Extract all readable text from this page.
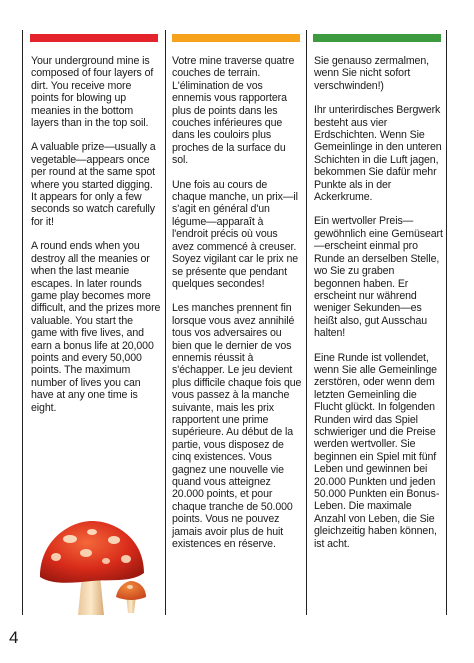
Your underground mine is composed of four layers of dirt. You receive more points for blowing up meanies in the bottom layers than in the top soil.

A valuable prize—usually a vegetable—appears once per round at the same spot where you started digging. It appears for only a few seconds so watch carefully for it!

A round ends when you destroy all the meanies or when the last meanie escapes. In later rounds game play becomes more difficult, and the prizes more valuable. You start the game with five lives, and earn a bonus life at 20,000 points and every 50,000 points. The maximum number of lives you can have at any one time is eight.

Votre mine traverse quatre couches de terrain. L'élimination de vos ennemis vous rapportera plus de points dans les couches inférieures que dans les couloirs plus proches de la surface du sol.

Une fois au cours de chaque manche, un prix—il s'agit en général d'un légume—apparaît à l'endroit précis où vous avez commencé à creuser. Soyez vigilant car le prix ne se présente que pendant quelques secondes!

Les manches prennent fin lorsque vous avez annihilé tous vos adversaires ou bien que le dernier de vos ennemis réussit à s'échapper. Le jeu devient plus difficile chaque fois que vous passez à la manche suivante, mais les prix rapportent une prime supérieure. Au début de la partie, vous disposez de cinq existences. Vous gagnez une nouvelle vie quand vous atteignez 20.000 points, et pour chaque tranche de 50.000 points. Vous ne pouvez jamais avoir plus de huit existences en réserve.

Sie genauso zermalmen, wenn Sie nicht sofort verschwinden!)

Ihr unterirdisches Bergwerk besteht aus vier Erdschichten. Wenn Sie Gemeinlinge in den unteren Schichten in die Luft jagen, bekommen Sie dafür mehr Punkte als in der Ackerkrume.

Ein wertvoller Preis—gewöhnlich eine Gemüseart—erscheint einmal pro Runde an derselben Stelle, wo Sie zu graben begonnen haben. Er erscheint nur während weniger Sekunden—es heißt also, gut Ausschau halten!

Eine Runde ist vollendet, wenn Sie alle Gemeinlinge zerstören, oder wenn dem letzten Gemeinling die Flucht glückt. In folgenden Runden wird das Spiel schwieriger und die Preise werden wertvoller. Sie beginnen ein Spiel mit fünf Leben und gewinnen bei 20.000 Punkten und jeden 50.000 Punkten ein Bonus-Leben. Die maximale Anzahl von Leben, die Sie gleichzeitig haben können, ist acht.

4
